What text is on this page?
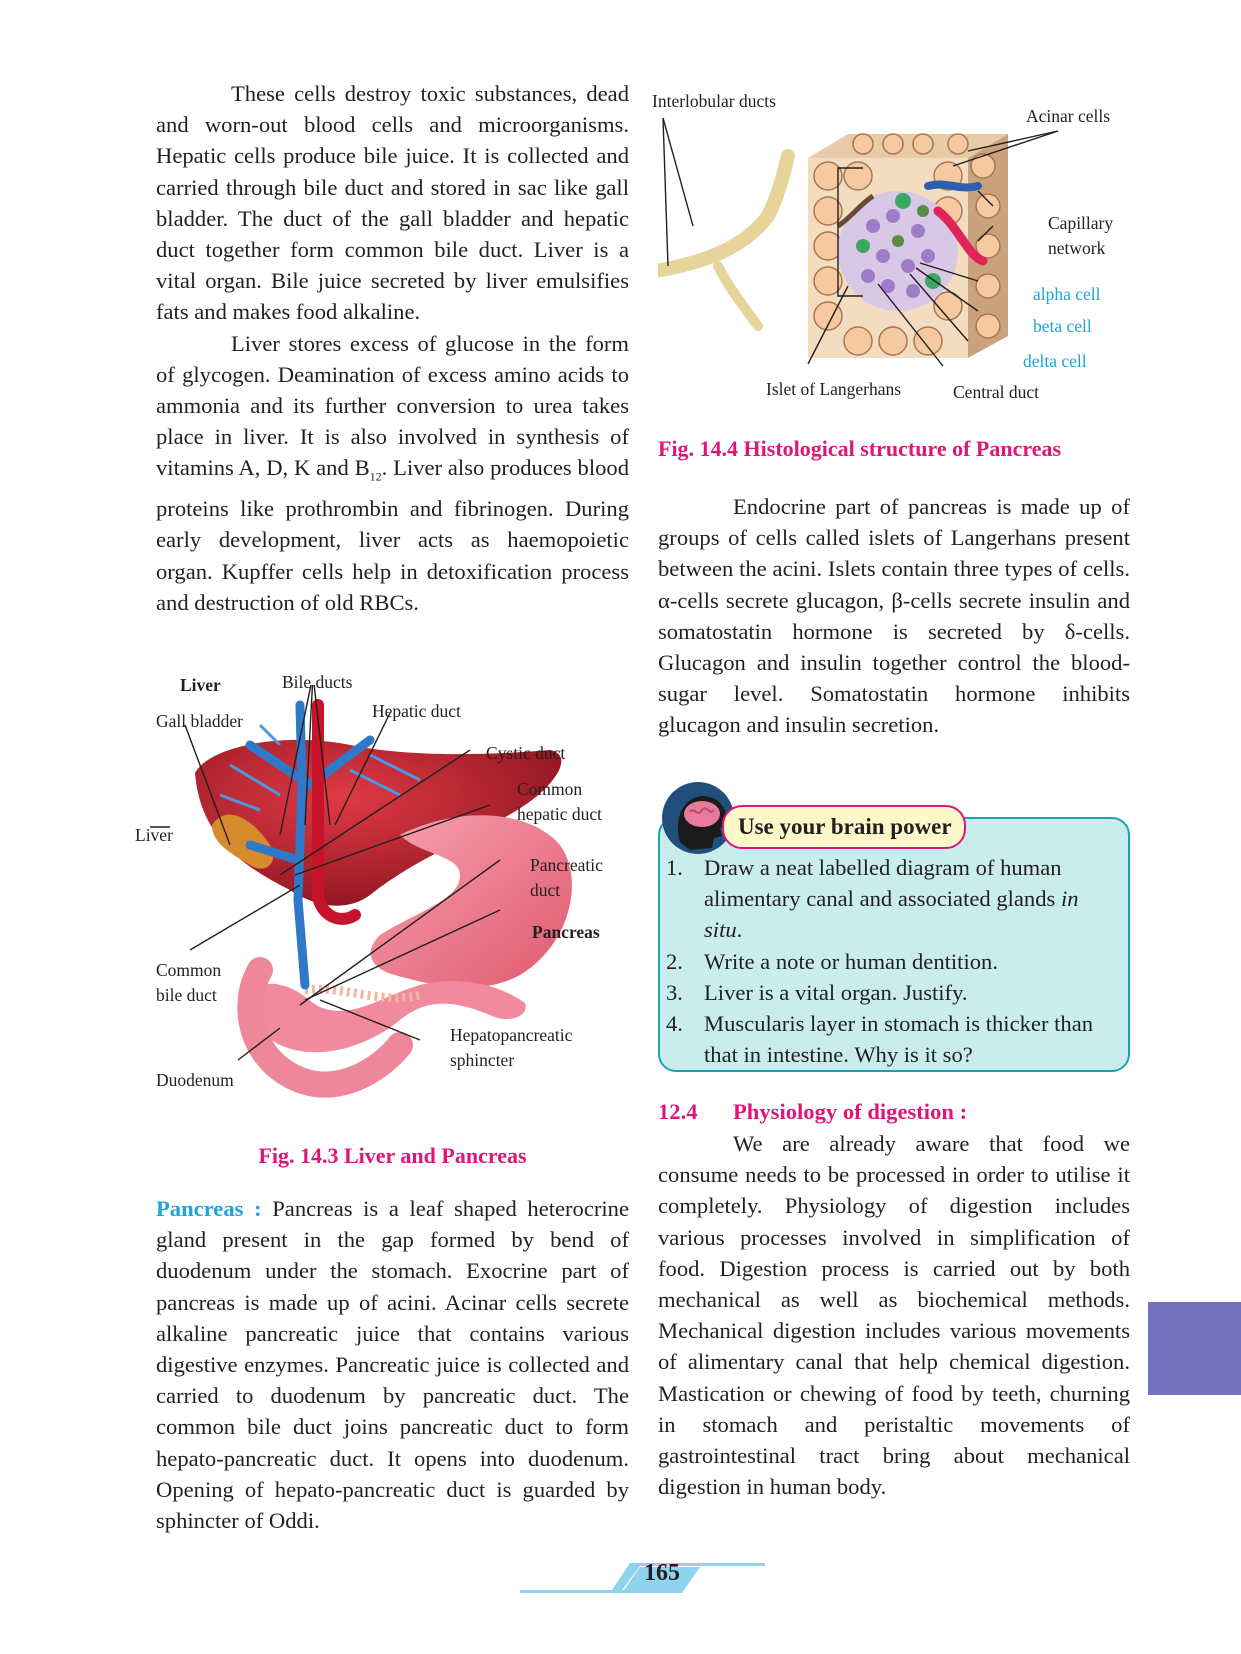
These cells destroy toxic substances, dead and worn-out blood cells and microorganisms. Hepatic cells produce bile juice. It is collected and carried through bile duct and stored in sac like gall bladder. The duct of the gall bladder and hepatic duct together form common bile duct. Liver is a vital organ. Bile juice secreted by liver emulsifies fats and makes food alkaline.

Liver stores excess of glucose in the form of glycogen. Deamination of excess amino acids to ammonia and its further conversion to urea takes place in liver. It is also involved in synthesis of vitamins A, D, K and $B_{12}$. Liver also produces blood proteins like prothrombin and fibrinogen. During early development, liver acts as haemopoietic organ. Kupffer cells help in detoxification process and destruction of old RBCs.

Liver	Bile ducts
Gall bladder	Hepatic duct
Cystic duct
Common
hepatic duct
Liver
Pancreatic
duct
Pancreas
Common
bile duct
Hepatopancreatic
sphincter
Duodenum
Fig. 14.3 Liver and Pancreas

Pancreas : Pancreas is a leaf shaped heterocrine gland present in the gap formed by bend of duodenum under the stomach. Exocrine part of pancreas is made up of acini. Acinar cells secrete alkaline pancreatic juice that contains various digestive enzymes. Pancreatic juice is collected and carried to duodenum by pancreatic duct. The common bile duct joins pancreatic duct to form hepato-pancreatic duct. It opens into duodenum. Opening of hepato-pancreatic duct is guarded by sphincter of Oddi.

Interlobular ducts
Acinar cells
Capillary
network
alpha cell
beta cell
delta cell
Islet of Langerhans	Central duct
Fig. 14.4 Histological structure of Pancreas

Endocrine part of pancreas is made up of groups of cells called islets of Langerhans present between the acini. Islets contain three types of cells. α-cells secrete glucagon, β-cells secrete insulin and somatostatin hormone is secreted by δ-cells. Glucagon and insulin together control the blood-sugar level. Somatostatin hormone inhibits glucagon and insulin secretion.

Use your brain power
1. Draw a neat labelled diagram of human alimentary canal and associated glands in situ.
2. Write a note or human dentition.
3. Liver is a vital organ. Justify.
4. Muscularis layer in stomach is thicker than that in intestine. Why is it so?
12.4 Physiology of digestion :

We are already aware that food we consume needs to be processed in order to utilise it completely. Physiology of digestion includes various processes involved in simplification of food. Digestion process is carried out by both mechanical as well as biochemical methods. Mechanical digestion includes various movements of alimentary canal that help chemical digestion. Mastication or chewing of food by teeth, churning in stomach and peristaltic movements of gastrointestinal tract bring about mechanical digestion in human body.

165
